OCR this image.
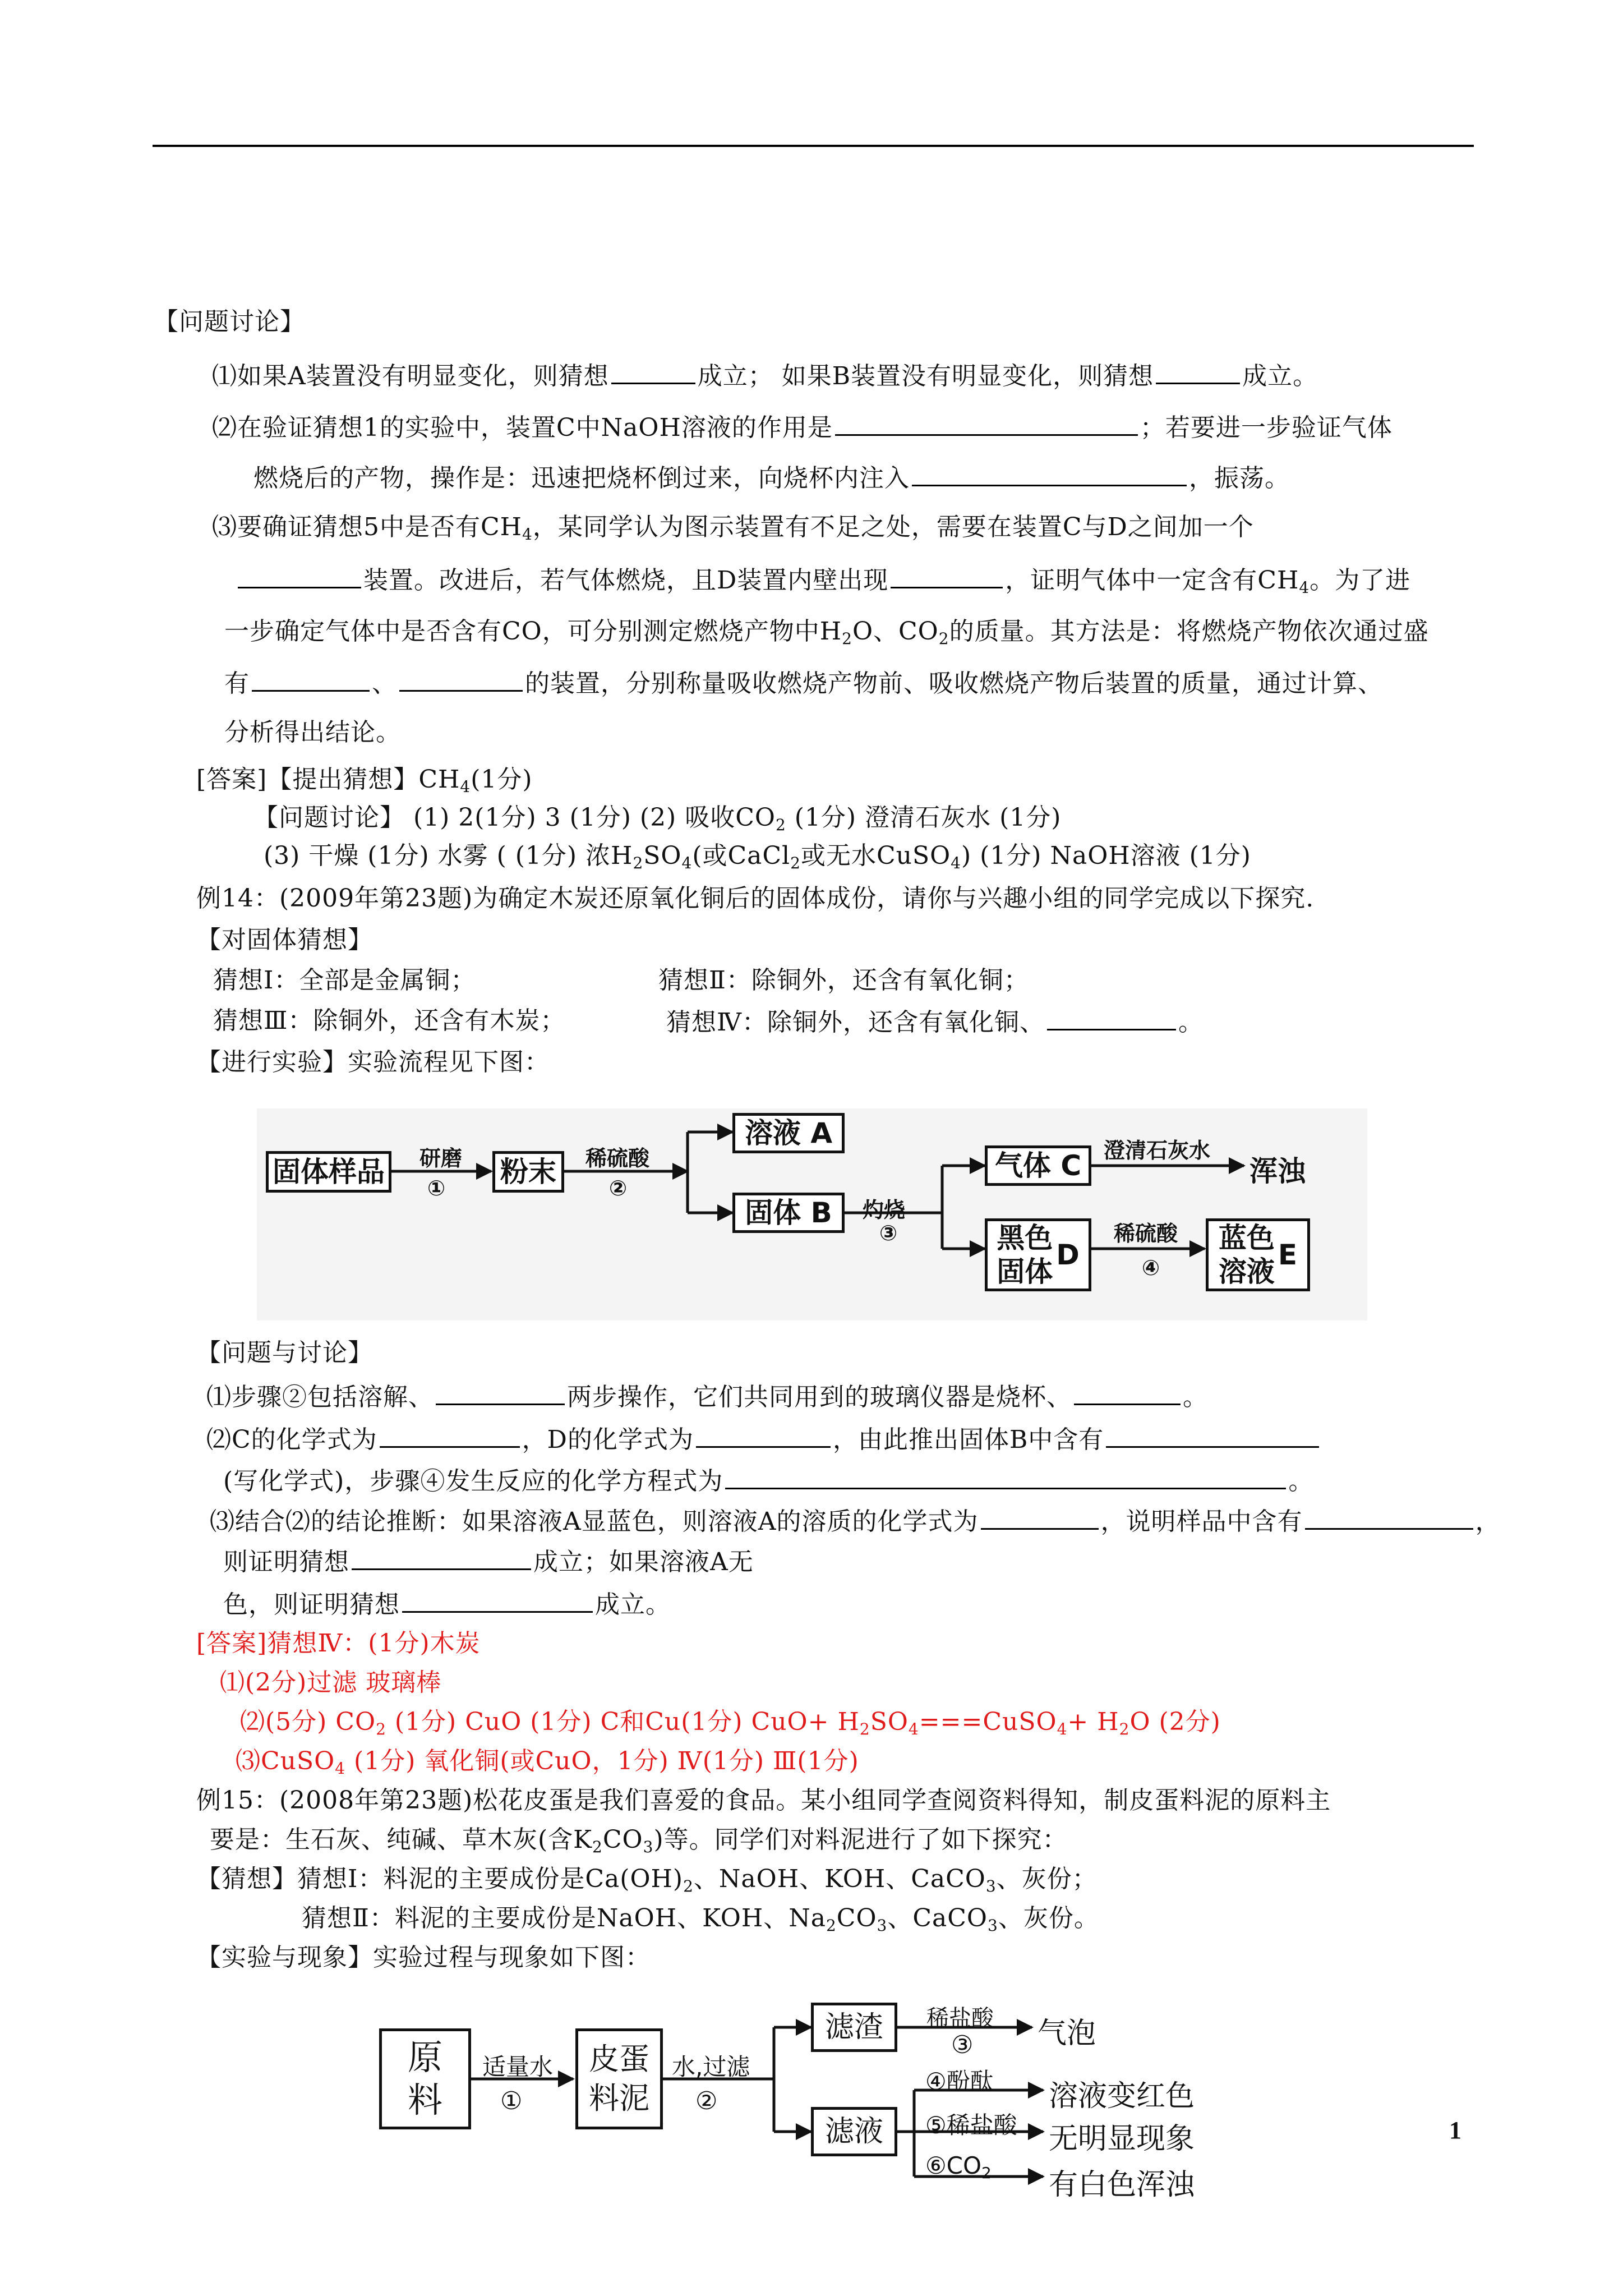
【问题讨论】
⑴如果A装置没有明显变化，则猜想	成立； 如果B装置没有明显变化，则猜想	成立。
⑵在验证猜想1的实验中，装置C中NaOH溶液的作用是	；若要进一步验证气体
燃烧后的产物，操作是：迅速把烧杯倒过来，向烧杯内注入	，振荡。
⑶要确证猜想5中是否有$CH_4$，某同学认为图示装置有不足之处，需要在装置C与D之间加一个
装置。改进后，若气体燃烧，且D装置内壁出现	，证明气体中一定含有$CH_4$。为了进
一步确定气体中是否含有CO，可分别测定燃烧产物中$H_2O$、$CO_2$的质量。其方法是：将燃烧产物依次通过盛
有	、	的装置，分别称量吸收燃烧产物前、吸收燃烧产物后装置的质量，通过计算、
分析得出结论。
[答案]【提出猜想】$CH_4(1$分)
【问题讨论】 (1) 2(1分) 3 (1分) (2) 吸收$CO_2$ (1分) 澄清石灰水 (1分)
(3) 干燥 (1分) 水雾 ( (1分) 浓$H_2SO_4$(或CaCl$_2$或无水CuSO$_4$) (1分) NaOH溶液 (1分)
例14：(2009年第23题)为确定木炭还原氧化铜后的固体成份，请你与兴趣小组的同学完成以下探究.
【对固体猜想】
猜想Ⅰ：全部是金属铜；	猜想Ⅱ：除铜外，还含有氧化铜；
猜想Ⅲ：除铜外，还含有木炭；	猜想Ⅳ：除铜外，还含有氧化铜、	。
【进行实验】实验流程见下图：
固体样品 研磨
① 粉末 稀硫酸
②
溶液 A
固体 B 灼烧
③
气体 C 澄清石灰水
浑浊
黑色
固体
D
稀硫酸
④
蓝色
溶液
E
【问题与讨论】
⑴步骤②包括溶解、	两步操作，它们共同用到的玻璃仪器是烧杯、	。
⑵C的化学式为	，D的化学式为	，由此推出固体B中含有
(写化学式)，步骤④发生反应的化学方程式为	。
⑶结合⑵的结论推断：如果溶液A显蓝色，则溶液A的溶质的化学式为	，说明样品中含有	，
则证明猜想	成立；如果溶液A无
色，则证明猜想	成立。
[答案]猜想Ⅳ：(1分)木炭
⑴(2分)过滤 玻璃棒
⑵(5分) $CO_2$ (1分) CuO (1分) C和Cu(1分) $CuO+ H_2SO_4===CuSO_4+ H_2O$ (2分)
⑶CuSO$_4$ (1分) 氧化铜(或CuO，1分) Ⅳ(1分) Ⅲ(1分)
例15：(2008年第23题)松花皮蛋是我们喜爱的食品。某小组同学查阅资料得知，制皮蛋料泥的原料主
要是：生石灰、纯碱、草木灰(含$K_2CO_3$)等。同学们对料泥进行了如下探究：
【猜想】猜想Ⅰ：料泥的主要成份是$Ca(OH)_2$、NaOH、KOH、CaCO$_3$、灰份；
猜想Ⅱ：料泥的主要成份是NaOH、KOH、$Na_2CO_3$、CaCO$_3$、灰份。
【实验与现象】实验过程与现象如下图：
原
料
适量水
①
皮蛋
料泥
水,过滤
②
滤渣 稀盐酸
③ 气泡
滤液
④酚酞 溶液变红色
⑤稀盐酸 无明显现象
$⑥CO_2$ 有白色浑浊
1
